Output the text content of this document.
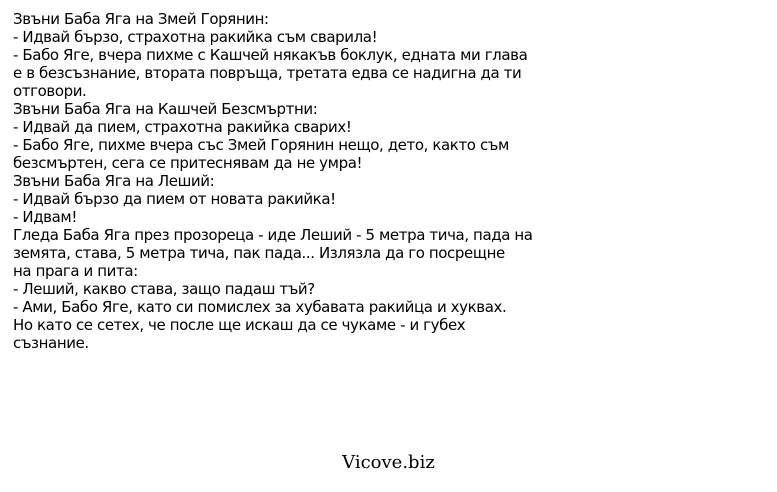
Звъни Баба Яга на Змей Горянин:
- Идвай бързо, страхотна ракийка съм сварила!
- Бабо Яге, вчера пихме с Кашчей някакъв боклук, едната ми глава
е в безсъзнание, втората повръща, третата едва се надигна да ти
отговори.
Звъни Баба Яга на Кашчей Безсмъртни:
- Идвай да пием, страхотна ракийка сварих!
- Бабо Яге, пихме вчера със Змей Горянин нещо, дето, както съм
безсмъртен, сега се притеснявам да не умра!
Звъни Баба Яга на Леший:
- Идвай бързо да пием от новата ракийка!
- Идвам!
Гледа Баба Яга през прозореца - иде Леший - 5 метра тича, пада на
земята, става, 5 метра тича, пак пада... Излязла да го посрещне
на прага и пита:
- Леший, какво става, защо падаш тъй?
- Ами, Бабо Яге, като си помислех за хубавата ракийца и хуквах.
Но като се сетех, че после ще искаш да се чукаме - и губех
съзнание.
Vicove.biz
